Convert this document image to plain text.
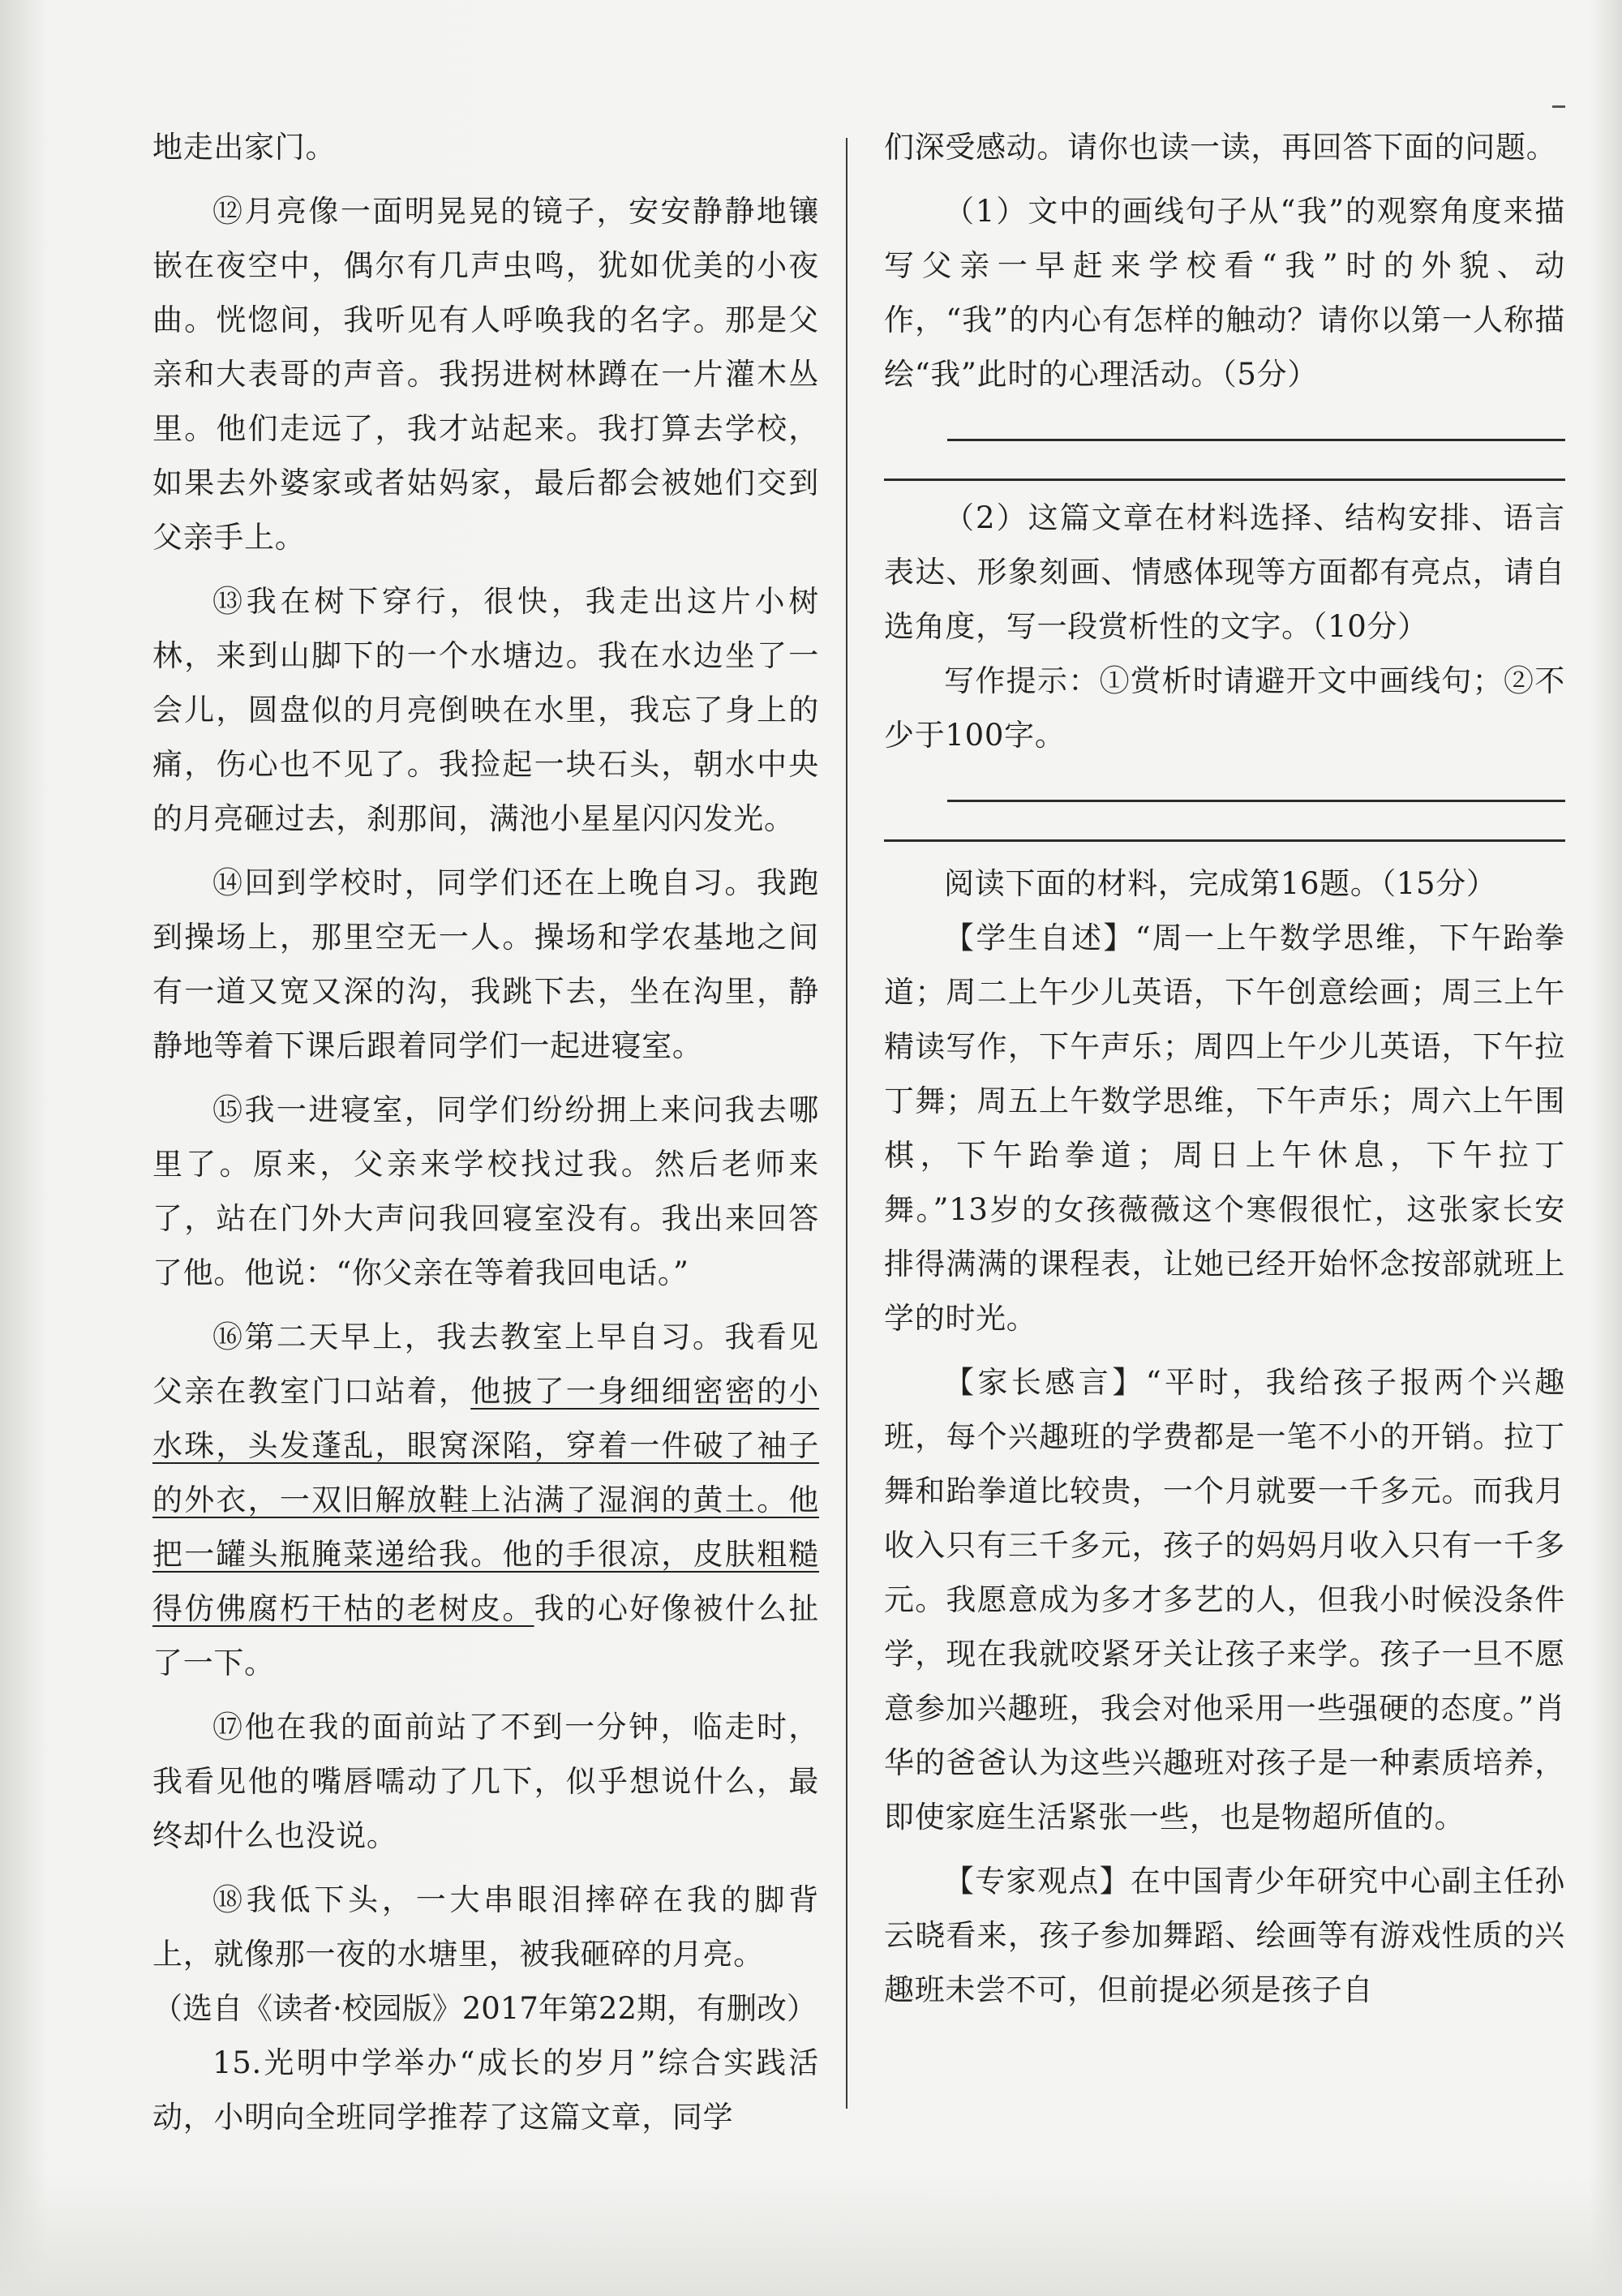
地走出家门。

⑫月亮像一面明晃晃的镜子，安安静静地镶嵌在夜空中，偶尔有几声虫鸣，犹如优美的小夜曲。恍惚间，我听见有人呼唤我的名字。那是父亲和大表哥的声音。我拐进树林蹲在一片灌木丛里。他们走远了，我才站起来。我打算去学校，如果去外婆家或者姑妈家，最后都会被她们交到父亲手上。

⑬我在树下穿行，很快，我走出这片小树林，来到山脚下的一个水塘边。我在水边坐了一会儿，圆盘似的月亮倒映在水里，我忘了身上的痛，伤心也不见了。我捡起一块石头，朝水中央的月亮砸过去，刹那间，满池小星星闪闪发光。

⑭回到学校时，同学们还在上晚自习。我跑到操场上，那里空无一人。操场和学农基地之间有一道又宽又深的沟，我跳下去，坐在沟里，静静地等着下课后跟着同学们一起进寝室。

⑮我一进寝室，同学们纷纷拥上来问我去哪里了。原来，父亲来学校找过我。然后老师来了，站在门外大声问我回寝室没有。我出来回答了他。他说：“你父亲在等着我回电话。”

⑯第二天早上，我去教室上早自习。我看见父亲在教室门口站着，他披了一身细细密密的小水珠，头发蓬乱，眼窝深陷，穿着一件破了袖子的外衣，一双旧解放鞋上沾满了湿润的黄土。他把一罐头瓶腌菜递给我。他的手很凉，皮肤粗糙得仿佛腐朽干枯的老树皮。我的心好像被什么扯了一下。

⑰他在我的面前站了不到一分钟，临走时，我看见他的嘴唇嚅动了几下，似乎想说什么，最终却什么也没说。

⑱我低下头，一大串眼泪摔碎在我的脚背上，就像那一夜的水塘里，被我砸碎的月亮。

（选自《读者·校园版》2017年第22期，有删改）

15.光明中学举办“成长的岁月”综合实践活动，小明向全班同学推荐了这篇文章，同学

们深受感动。请你也读一读，再回答下面的问题。

（1）文中的画线句子从“我”的观察角度来描写父亲一早赶来学校看“我”时的外貌、动作，“我”的内心有怎样的触动？请你以第一人称描绘“我”此时的心理活动。（5分）

（2）这篇文章在材料选择、结构安排、语言表达、形象刻画、情感体现等方面都有亮点，请自选角度，写一段赏析性的文字。（10分）

写作提示：①赏析时请避开文中画线句；②不少于100字。

阅读下面的材料，完成第16题。（15分）

【学生自述】“周一上午数学思维，下午跆拳道；周二上午少儿英语，下午创意绘画；周三上午精读写作，下午声乐；周四上午少儿英语，下午拉丁舞；周五上午数学思维，下午声乐；周六上午围棋，下午跆拳道；周日上午休息，下午拉丁舞。”13岁的女孩薇薇这个寒假很忙，这张家长安排得满满的课程表，让她已经开始怀念按部就班上学的时光。

【家长感言】“平时，我给孩子报两个兴趣班，每个兴趣班的学费都是一笔不小的开销。拉丁舞和跆拳道比较贵，一个月就要一千多元。而我月收入只有三千多元，孩子的妈妈月收入只有一千多元。我愿意成为多才多艺的人，但我小时候没条件学，现在我就咬紧牙关让孩子来学。孩子一旦不愿意参加兴趣班，我会对他采用一些强硬的态度。”肖华的爸爸认为这些兴趣班对孩子是一种素质培养，即使家庭生活紧张一些，也是物超所值的。

【专家观点】在中国青少年研究中心副主任孙云晓看来，孩子参加舞蹈、绘画等有游戏性质的兴趣班未尝不可，但前提必须是孩子自
